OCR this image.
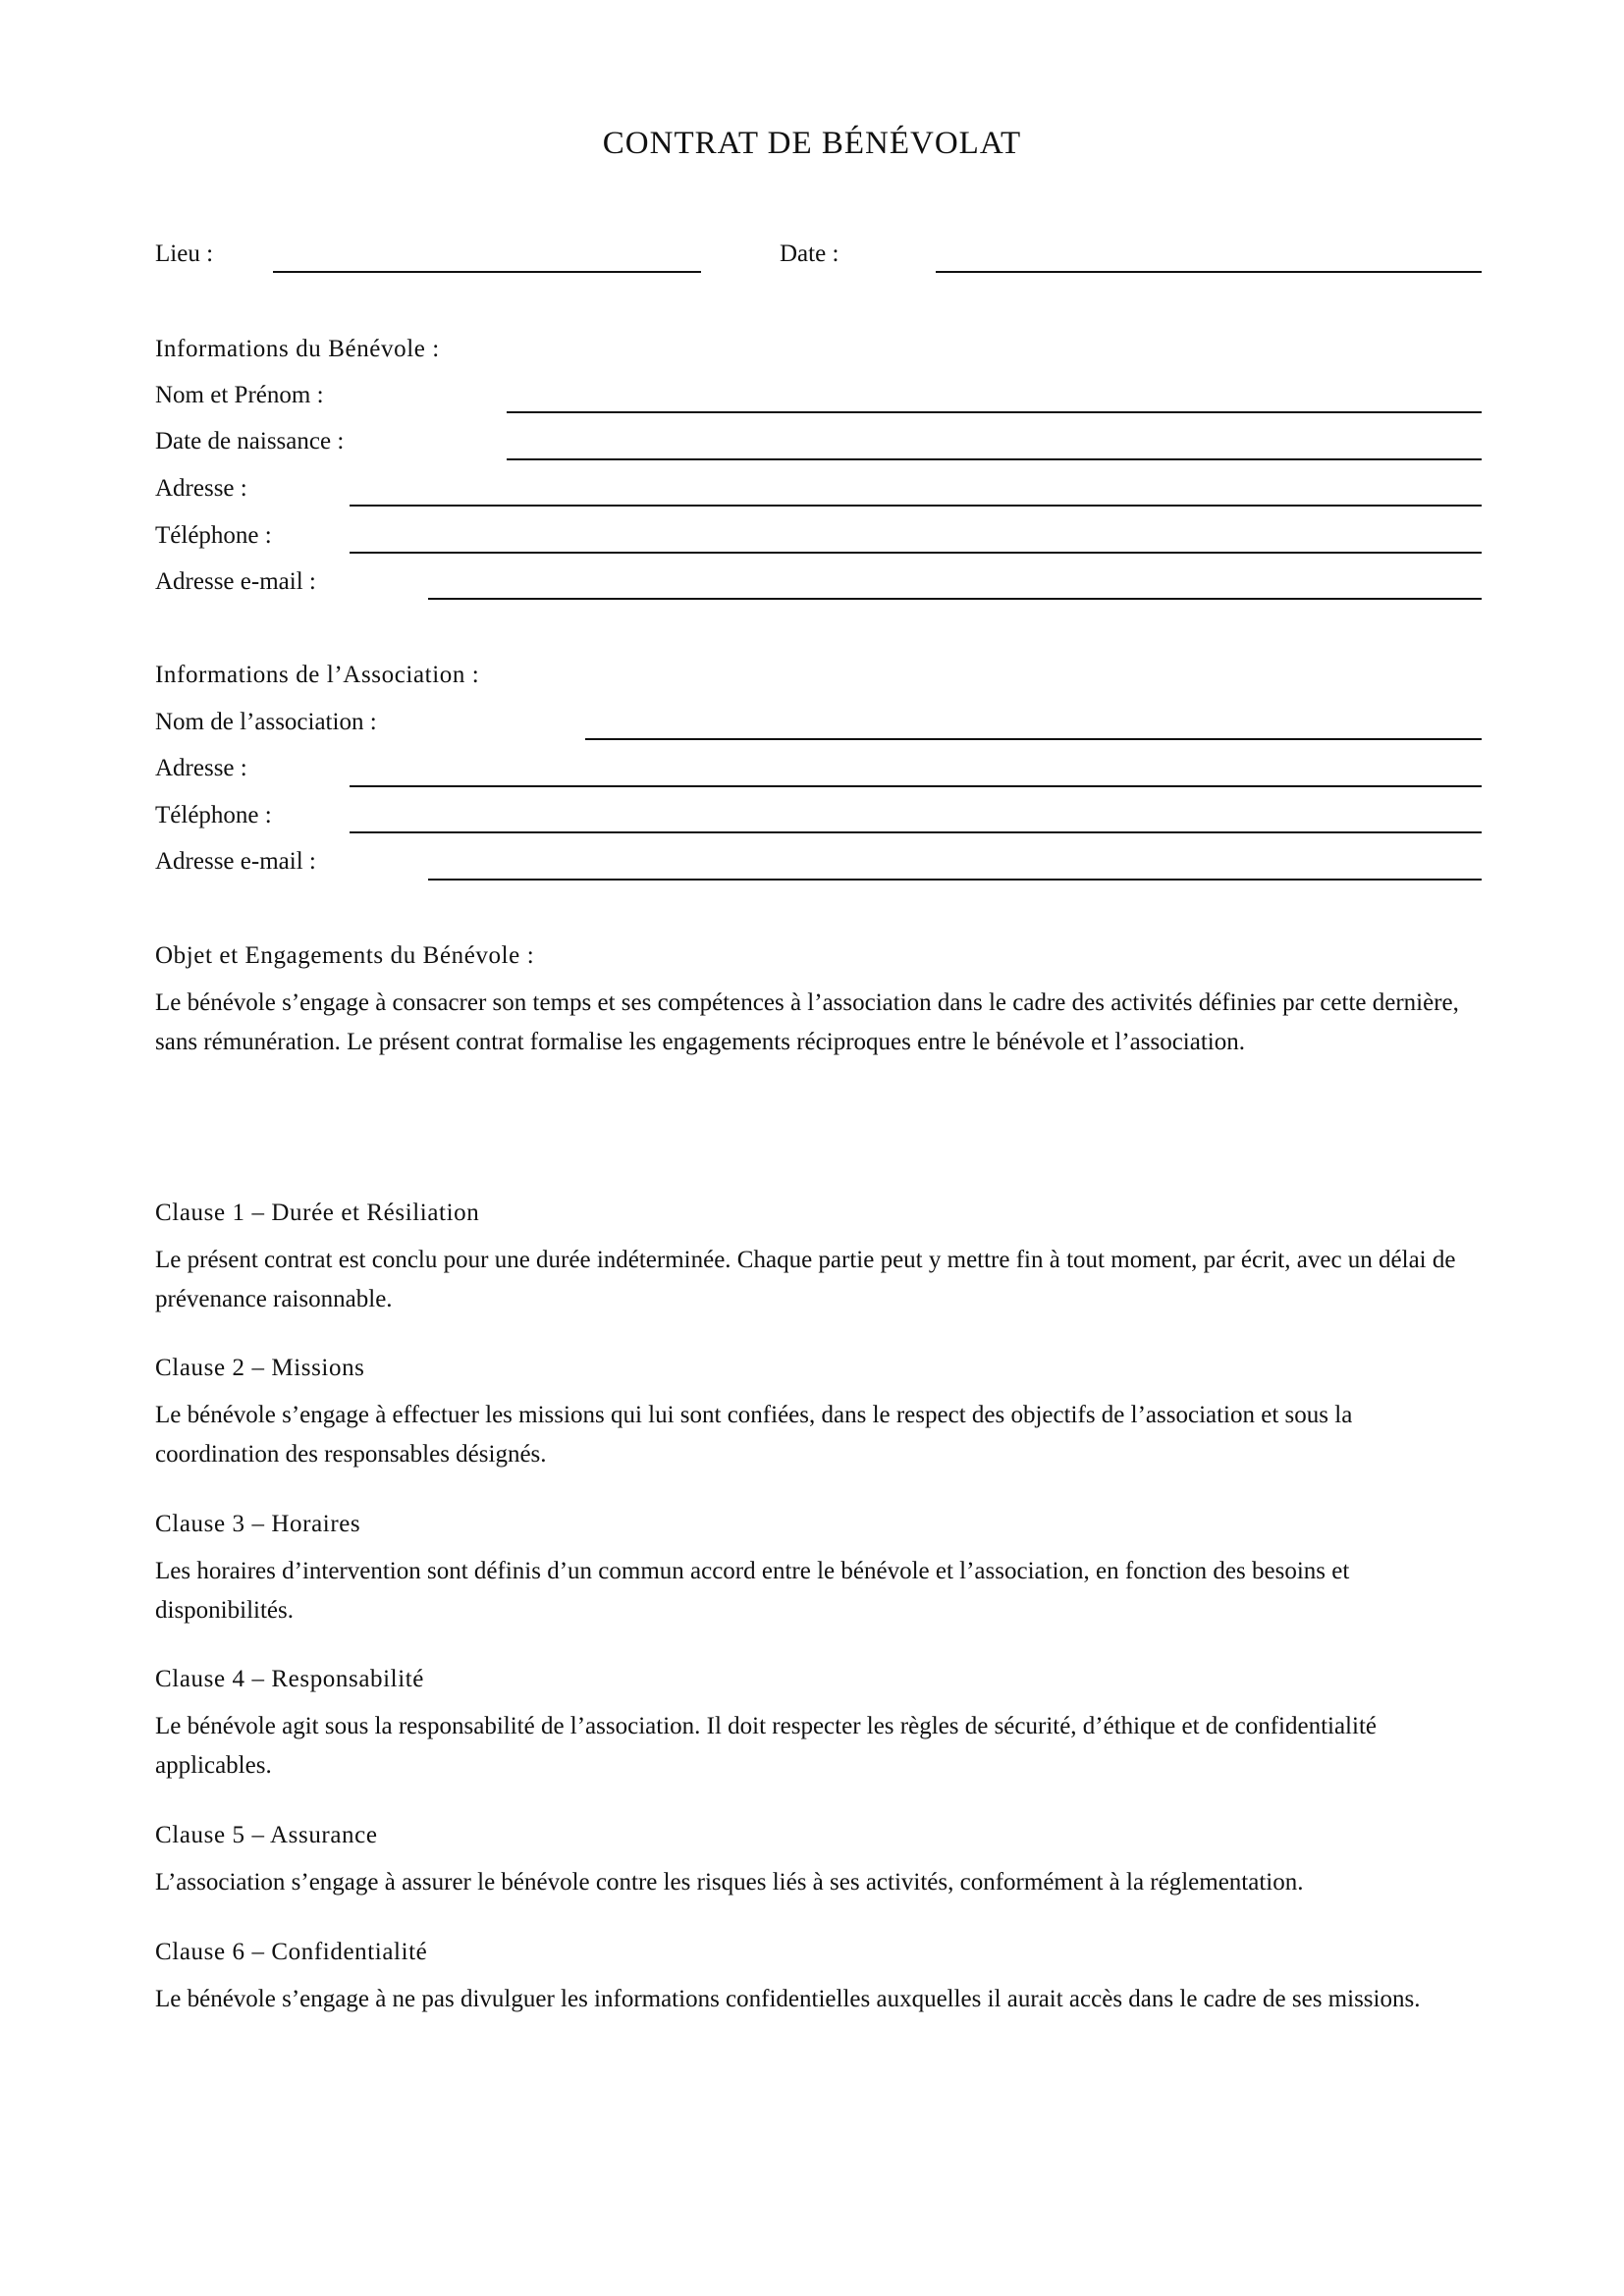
CONTRAT DE BÉNÉVOLAT
Lieu :	Date :
Informations du Bénévole :
Nom et Prénom :
Date de naissance :
Adresse :
Téléphone :
Adresse e-mail :
Informations de l’Association :
Nom de l’association :
Adresse :
Téléphone :
Adresse e-mail :
Objet et Engagements du Bénévole :
Le bénévole s’engage à consacrer son temps et ses compétences à l’association dans le cadre des activités définies par cette dernière, sans rémunération. Le présent contrat formalise les engagements réciproques entre le bénévole et l’association.
Clause 1 – Durée et Résiliation
Le présent contrat est conclu pour une durée indéterminée. Chaque partie peut y mettre fin à tout moment, par écrit, avec un délai de prévenance raisonnable.
Clause 2 – Missions
Le bénévole s’engage à effectuer les missions qui lui sont confiées, dans le respect des objectifs de l’association et sous la coordination des responsables désignés.
Clause 3 – Horaires
Les horaires d’intervention sont définis d’un commun accord entre le bénévole et l’association, en fonction des besoins et disponibilités.
Clause 4 – Responsabilité
Le bénévole agit sous la responsabilité de l’association. Il doit respecter les règles de sécurité, d’éthique et de confidentialité applicables.
Clause 5 – Assurance
L’association s’engage à assurer le bénévole contre les risques liés à ses activités, conformément à la réglementation.
Clause 6 – Confidentialité
Le bénévole s’engage à ne pas divulguer les informations confidentielles auxquelles il aurait accès dans le cadre de ses missions.
